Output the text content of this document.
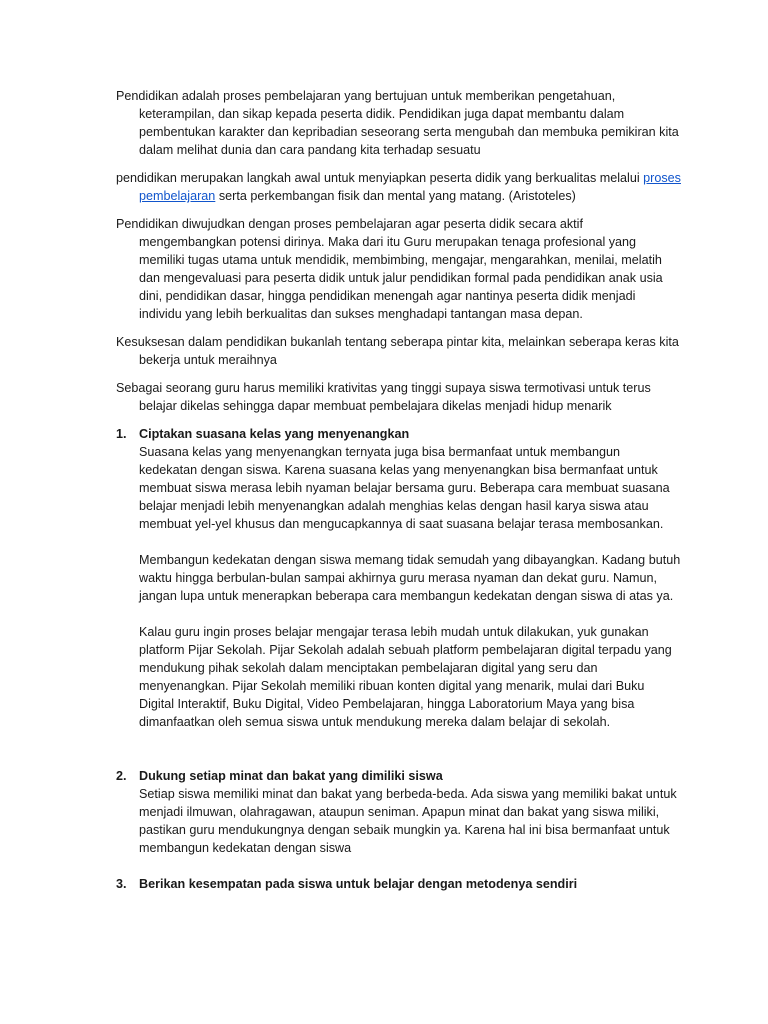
Pendidikan adalah proses pembelajaran yang bertujuan untuk memberikan pengetahuan, keterampilan, dan sikap kepada peserta didik. Pendidikan juga dapat membantu dalam pembentukan karakter dan kepribadian seseorang serta mengubah dan membuka pemikiran kita dalam melihat dunia dan cara pandang kita terhadap sesuatu

pendidikan merupakan langkah awal untuk menyiapkan peserta didik yang berkualitas melalui proses pembelajaran serta perkembangan fisik dan mental yang matang. (Aristoteles)

Pendidikan diwujudkan dengan proses pembelajaran agar peserta didik secara aktif mengembangkan potensi dirinya. Maka dari itu Guru merupakan tenaga profesional yang memiliki tugas utama untuk mendidik, membimbing, mengajar, mengarahkan, menilai, melatih dan mengevaluasi para peserta didik untuk jalur pendidikan formal pada pendidikan anak usia dini, pendidikan dasar, hingga pendidikan menengah agar nantinya peserta didik menjadi individu yang lebih berkualitas dan sukses menghadapi tantangan masa depan.

Kesuksesan dalam pendidikan bukanlah tentang seberapa pintar kita, melainkan seberapa keras kita bekerja untuk meraihnya

Sebagai seorang guru harus memiliki krativitas yang tinggi supaya siswa termotivasi untuk terus belajar dikelas sehingga dapar membuat pembelajara dikelas menjadi hidup menarik

1. Ciptakan suasana kelas yang menyenangkan

Suasana kelas yang menyenangkan ternyata juga bisa bermanfaat untuk membangun kedekatan dengan siswa. Karena suasana kelas yang menyenangkan bisa bermanfaat untuk membuat siswa merasa lebih nyaman belajar bersama guru. Beberapa cara membuat suasana belajar menjadi lebih menyenangkan adalah menghias kelas dengan hasil karya siswa atau membuat yel-yel khusus dan mengucapkannya di saat suasana belajar terasa membosankan.

Membangun kedekatan dengan siswa memang tidak semudah yang dibayangkan. Kadang butuh waktu hingga berbulan-bulan sampai akhirnya guru merasa nyaman dan dekat guru. Namun, jangan lupa untuk menerapkan beberapa cara membangun kedekatan dengan siswa di atas ya.

Kalau guru ingin proses belajar mengajar terasa lebih mudah untuk dilakukan, yuk gunakan platform Pijar Sekolah. Pijar Sekolah adalah sebuah platform pembelajaran digital terpadu yang mendukung pihak sekolah dalam menciptakan pembelajaran digital yang seru dan menyenangkan. Pijar Sekolah memiliki ribuan konten digital yang menarik, mulai dari Buku Digital Interaktif, Buku Digital, Video Pembelajaran, hingga Laboratorium Maya yang bisa dimanfaatkan oleh semua siswa untuk mendukung mereka dalam belajar di sekolah.

2. Dukung setiap minat dan bakat yang dimiliki siswa

Setiap siswa memiliki minat dan bakat yang berbeda-beda. Ada siswa yang memiliki bakat untuk menjadi ilmuwan, olahragawan, ataupun seniman. Apapun minat dan bakat yang siswa miliki, pastikan guru mendukungnya dengan sebaik mungkin ya. Karena hal ini bisa bermanfaat untuk membangun kedekatan dengan siswa

3. Berikan kesempatan pada siswa untuk belajar dengan metodenya sendiri
